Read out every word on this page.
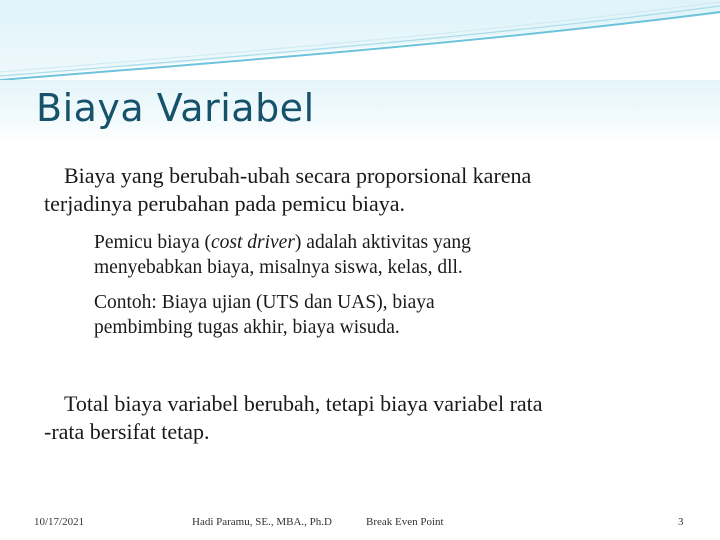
Biaya Variabel
Biaya yang berubah-ubah secara proporsional karena
terjadinya perubahan pada pemicu biaya.
Pemicu biaya (cost driver) adalah aktivitas yang
menyebabkan biaya, misalnya siswa, kelas, dll.
Contoh: Biaya ujian (UTS dan UAS), biaya
pembimbing tugas akhir, biaya wisuda.
Total biaya variabel berubah, tetapi biaya variabel rata
-rata bersifat tetap.
10/17/2021	Hadi Paramu, SE., MBA., Ph.D	Break Even Point	3
